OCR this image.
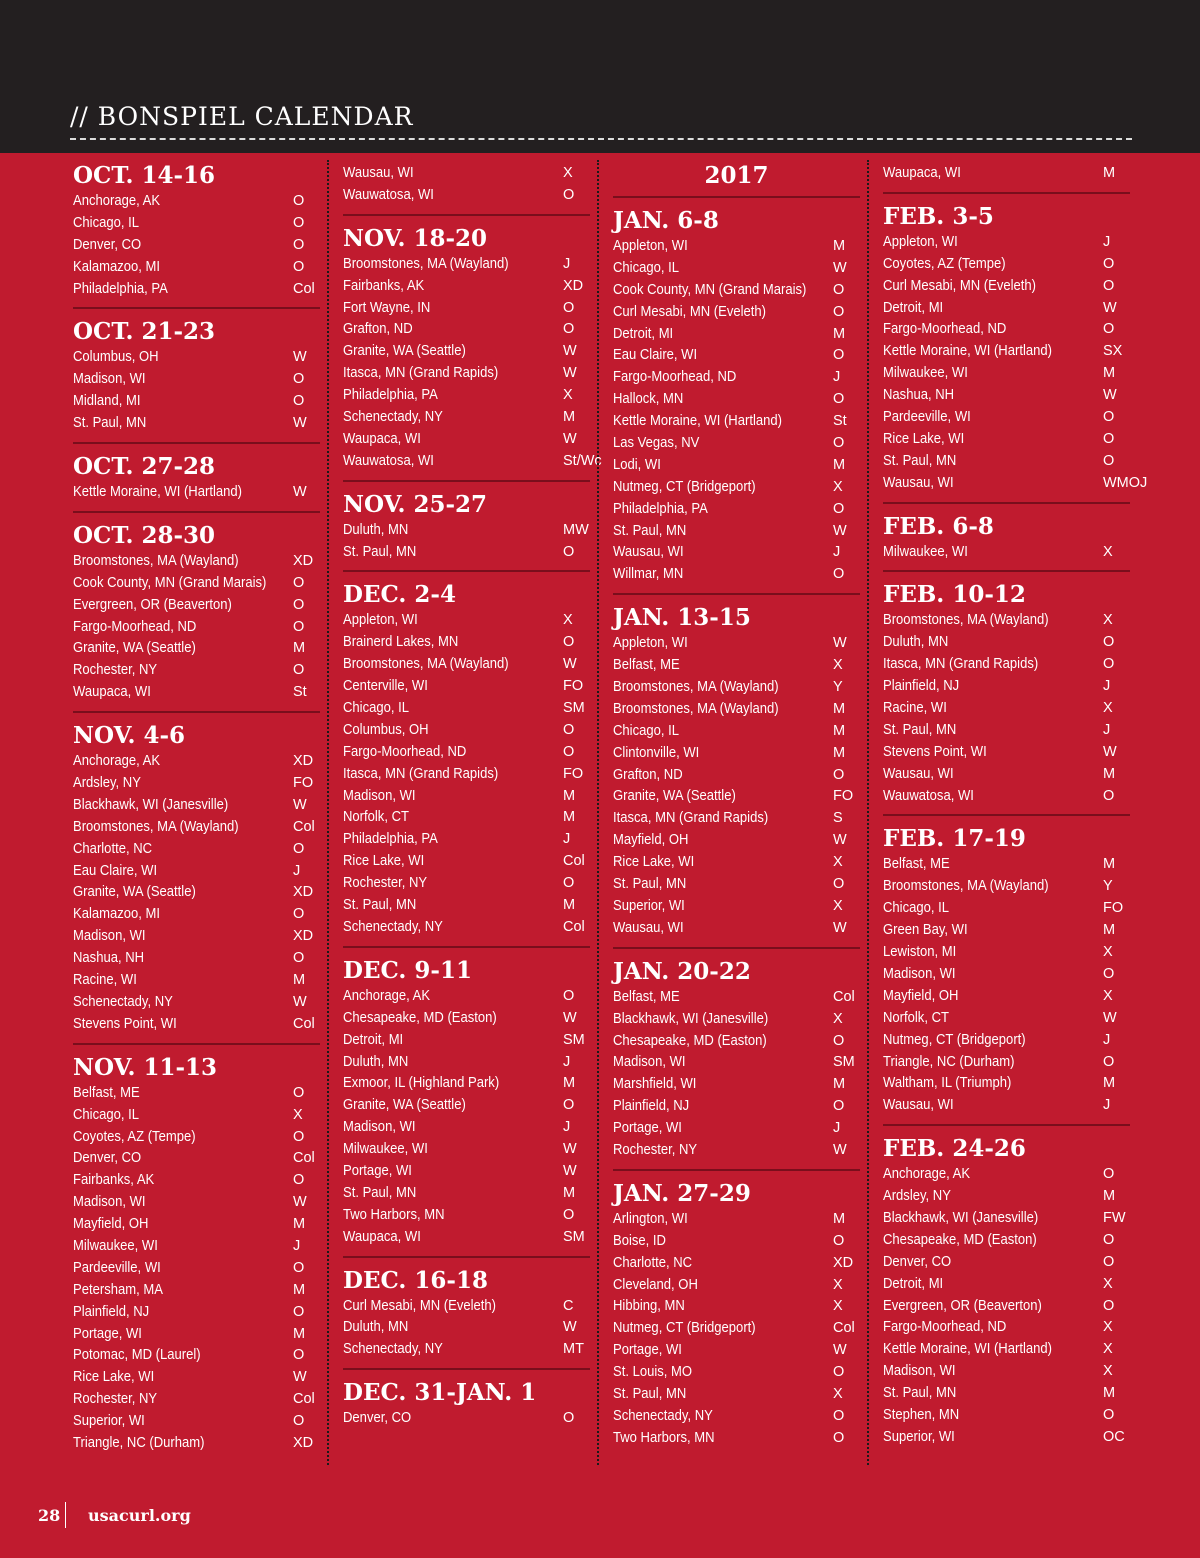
// BONSPIEL CALENDAR
OCT. 14-16
Anchorage, AK	O
Chicago, IL	O
Denver, CO	O
Kalamazoo, MI	O
Philadelphia, PA	Col
OCT. 21-23
Columbus, OH	W
Madison, WI	O
Midland, MI	O
St. Paul, MN	W
OCT. 27-28
Kettle Moraine, WI (Hartland)	W
OCT. 28-30
Broomstones, MA (Wayland)	XD
Cook County, MN (Grand Marais) O
Evergreen, OR (Beaverton)	O
Fargo-Moorhead, ND	O
Granite, WA (Seattle)	M
Rochester, NY	O
Waupaca, WI	St
NOV. 4-6
Anchorage, AK	XD
Ardsley, NY	FO
Blackhawk, WI (Janesville)	W
Broomstones, MA (Wayland)	Col
Charlotte, NC	O
Eau Claire, WI	J
Granite, WA (Seattle)	XD
Kalamazoo, MI	O
Madison, WI	XD
Nashua, NH	O
Racine, WI	M
Schenectady, NY	W
Stevens Point, WI	Col
NOV. 11-13
Belfast, ME	O
Chicago, IL	X
Coyotes, AZ (Tempe)	O
Denver, CO	Col
Fairbanks, AK	O
Madison, WI	W
Mayfield, OH	M
Milwaukee, WI	J
Pardeeville, WI	O
Petersham, MA	M
Plainfield, NJ	O
Portage, WI	M
Potomac, MD (Laurel)	O
Rice Lake, WI	W
Rochester, NY	Col
Superior, WI	O
Triangle, NC (Durham)	XD
Wausau, WI	X
Wauwatosa, WI	O
NOV. 18-20
Broomstones, MA (Wayland)	J
Fairbanks, AK	XD
Fort Wayne, IN	O
Grafton, ND	O
Granite, WA (Seattle)	W
Itasca, MN (Grand Rapids)	W
Philadelphia, PA	X
Schenectady, NY	M
Waupaca, WI	W
Wauwatosa, WI	St/Wc
NOV. 25-27
Duluth, MN	MW
St. Paul, MN	O
DEC. 2-4
Appleton, WI	X
Brainerd Lakes, MN	O
Broomstones, MA (Wayland)	W
Centerville, WI	FO
Chicago, IL	SM
Columbus, OH	O
Fargo-Moorhead, ND	O
Itasca, MN (Grand Rapids)	FO
Madison, WI	M
Norfolk, CT	M
Philadelphia, PA	J
Rice Lake, WI	Col
Rochester, NY	O
St. Paul, MN	M
Schenectady, NY	Col
DEC. 9-11
Anchorage, AK	O
Chesapeake, MD (Easton)	W
Detroit, MI	SM
Duluth, MN	J
Exmoor, IL (Highland Park)	M
Granite, WA (Seattle)	O
Madison, WI	J
Milwaukee, WI	W
Portage, WI	W
St. Paul, MN	M
Two Harbors, MN	O
Waupaca, WI	SM
DEC. 16-18
Curl Mesabi, MN (Eveleth)	C
Duluth, MN	W
Schenectady, NY	MT
DEC. 31-JAN. 1
Denver, CO	O
2017
JAN. 6-8
Appleton, WI	M
Chicago, IL	W
Cook County, MN (Grand Marais) O
Curl Mesabi, MN (Eveleth)	O
Detroit, MI	M
Eau Claire, WI	O
Fargo-Moorhead, ND	J
Hallock, MN	O
Kettle Moraine, WI (Hartland)	St
Las Vegas, NV	O
Lodi, WI	M
Nutmeg, CT (Bridgeport)	X
Philadelphia, PA	O
St. Paul, MN	W
Wausau, WI	J
Willmar, MN	O
JAN. 13-15
Appleton, WI	W
Belfast, ME	X
Broomstones, MA (Wayland)	Y
Broomstones, MA (Wayland)	M
Chicago, IL	M
Clintonville, WI	M
Grafton, ND	O
Granite, WA (Seattle)	FO
Itasca, MN (Grand Rapids)	S
Mayfield, OH	W
Rice Lake, WI	X
St. Paul, MN	O
Superior, WI	X
Wausau, WI	W
JAN. 20-22
Belfast, ME	Col
Blackhawk, WI (Janesville)	X
Chesapeake, MD (Easton)	O
Madison, WI	SM
Marshfield, WI	M
Plainfield, NJ	O
Portage, WI	J
Rochester, NY	W
JAN. 27-29
Arlington, WI	M
Boise, ID	O
Charlotte, NC	XD
Cleveland, OH	X
Hibbing, MN	X
Nutmeg, CT (Bridgeport)	Col
Portage, WI	W
St. Louis, MO	O
St. Paul, MN	X
Schenectady, NY	O
Two Harbors, MN	O
Waupaca, WI	M
FEB. 3-5
Appleton, WI	J
Coyotes, AZ (Tempe)	O
Curl Mesabi, MN (Eveleth)	O
Detroit, MI	W
Fargo-Moorhead, ND	O
Kettle Moraine, WI (Hartland)	SX
Milwaukee, WI	M
Nashua, NH	W
Pardeeville, WI	O
Rice Lake, WI	O
St. Paul, MN	O
Wausau, WI	WMOJ
FEB. 6-8
Milwaukee, WI	X
FEB. 10-12
Broomstones, MA (Wayland)	X
Duluth, MN	O
Itasca, MN (Grand Rapids)	O
Plainfield, NJ	J
Racine, WI	X
St. Paul, MN	J
Stevens Point, WI	W
Wausau, WI	M
Wauwatosa, WI	O
FEB. 17-19
Belfast, ME	M
Broomstones, MA (Wayland)	Y
Chicago, IL	FO
Green Bay, WI	M
Lewiston, MI	X
Madison, WI	O
Mayfield, OH	X
Norfolk, CT	W
Nutmeg, CT (Bridgeport)	J
Triangle, NC (Durham)	O
Waltham, IL (Triumph)	M
Wausau, WI	J
FEB. 24-26
Anchorage, AK	O
Ardsley, NY	M
Blackhawk, WI (Janesville)	FW
Chesapeake, MD (Easton)	O
Denver, CO	O
Detroit, MI	X
Evergreen, OR (Beaverton)	O
Fargo-Moorhead, ND	X
Kettle Moraine, WI (Hartland)	X
Madison, WI	X
St. Paul, MN	M
Stephen, MN	O
Superior, WI	OC
28 usacurl.org
